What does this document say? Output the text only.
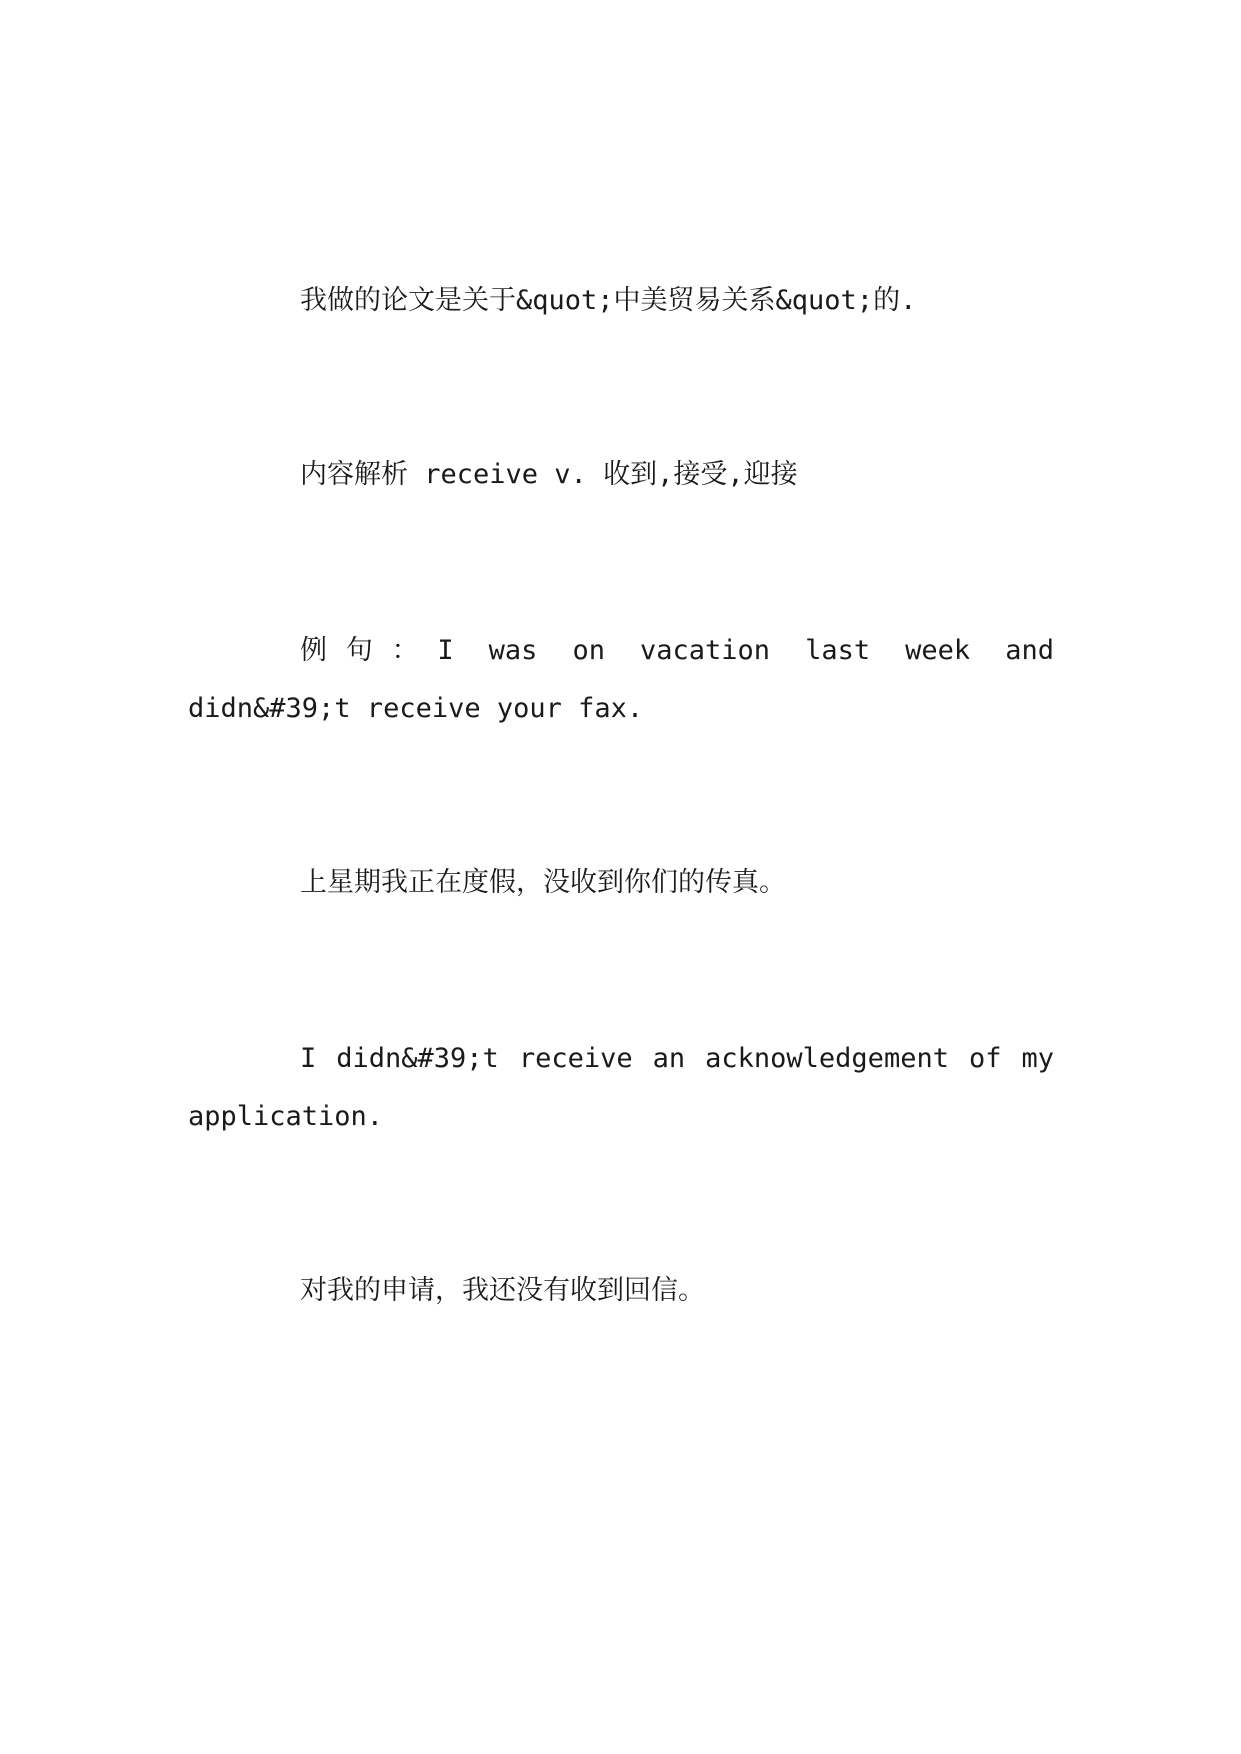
我做的论文是关于&quot;中美贸易关系&quot;的.

内容解析 receive v. 收到,接受,迎接

例句：I was on vacation last week and didn&#39;t receive your fax.

上星期我正在度假，没收到你们的传真。

I didn&#39;t receive an acknowledgement of my application.

对我的申请，我还没有收到回信。
